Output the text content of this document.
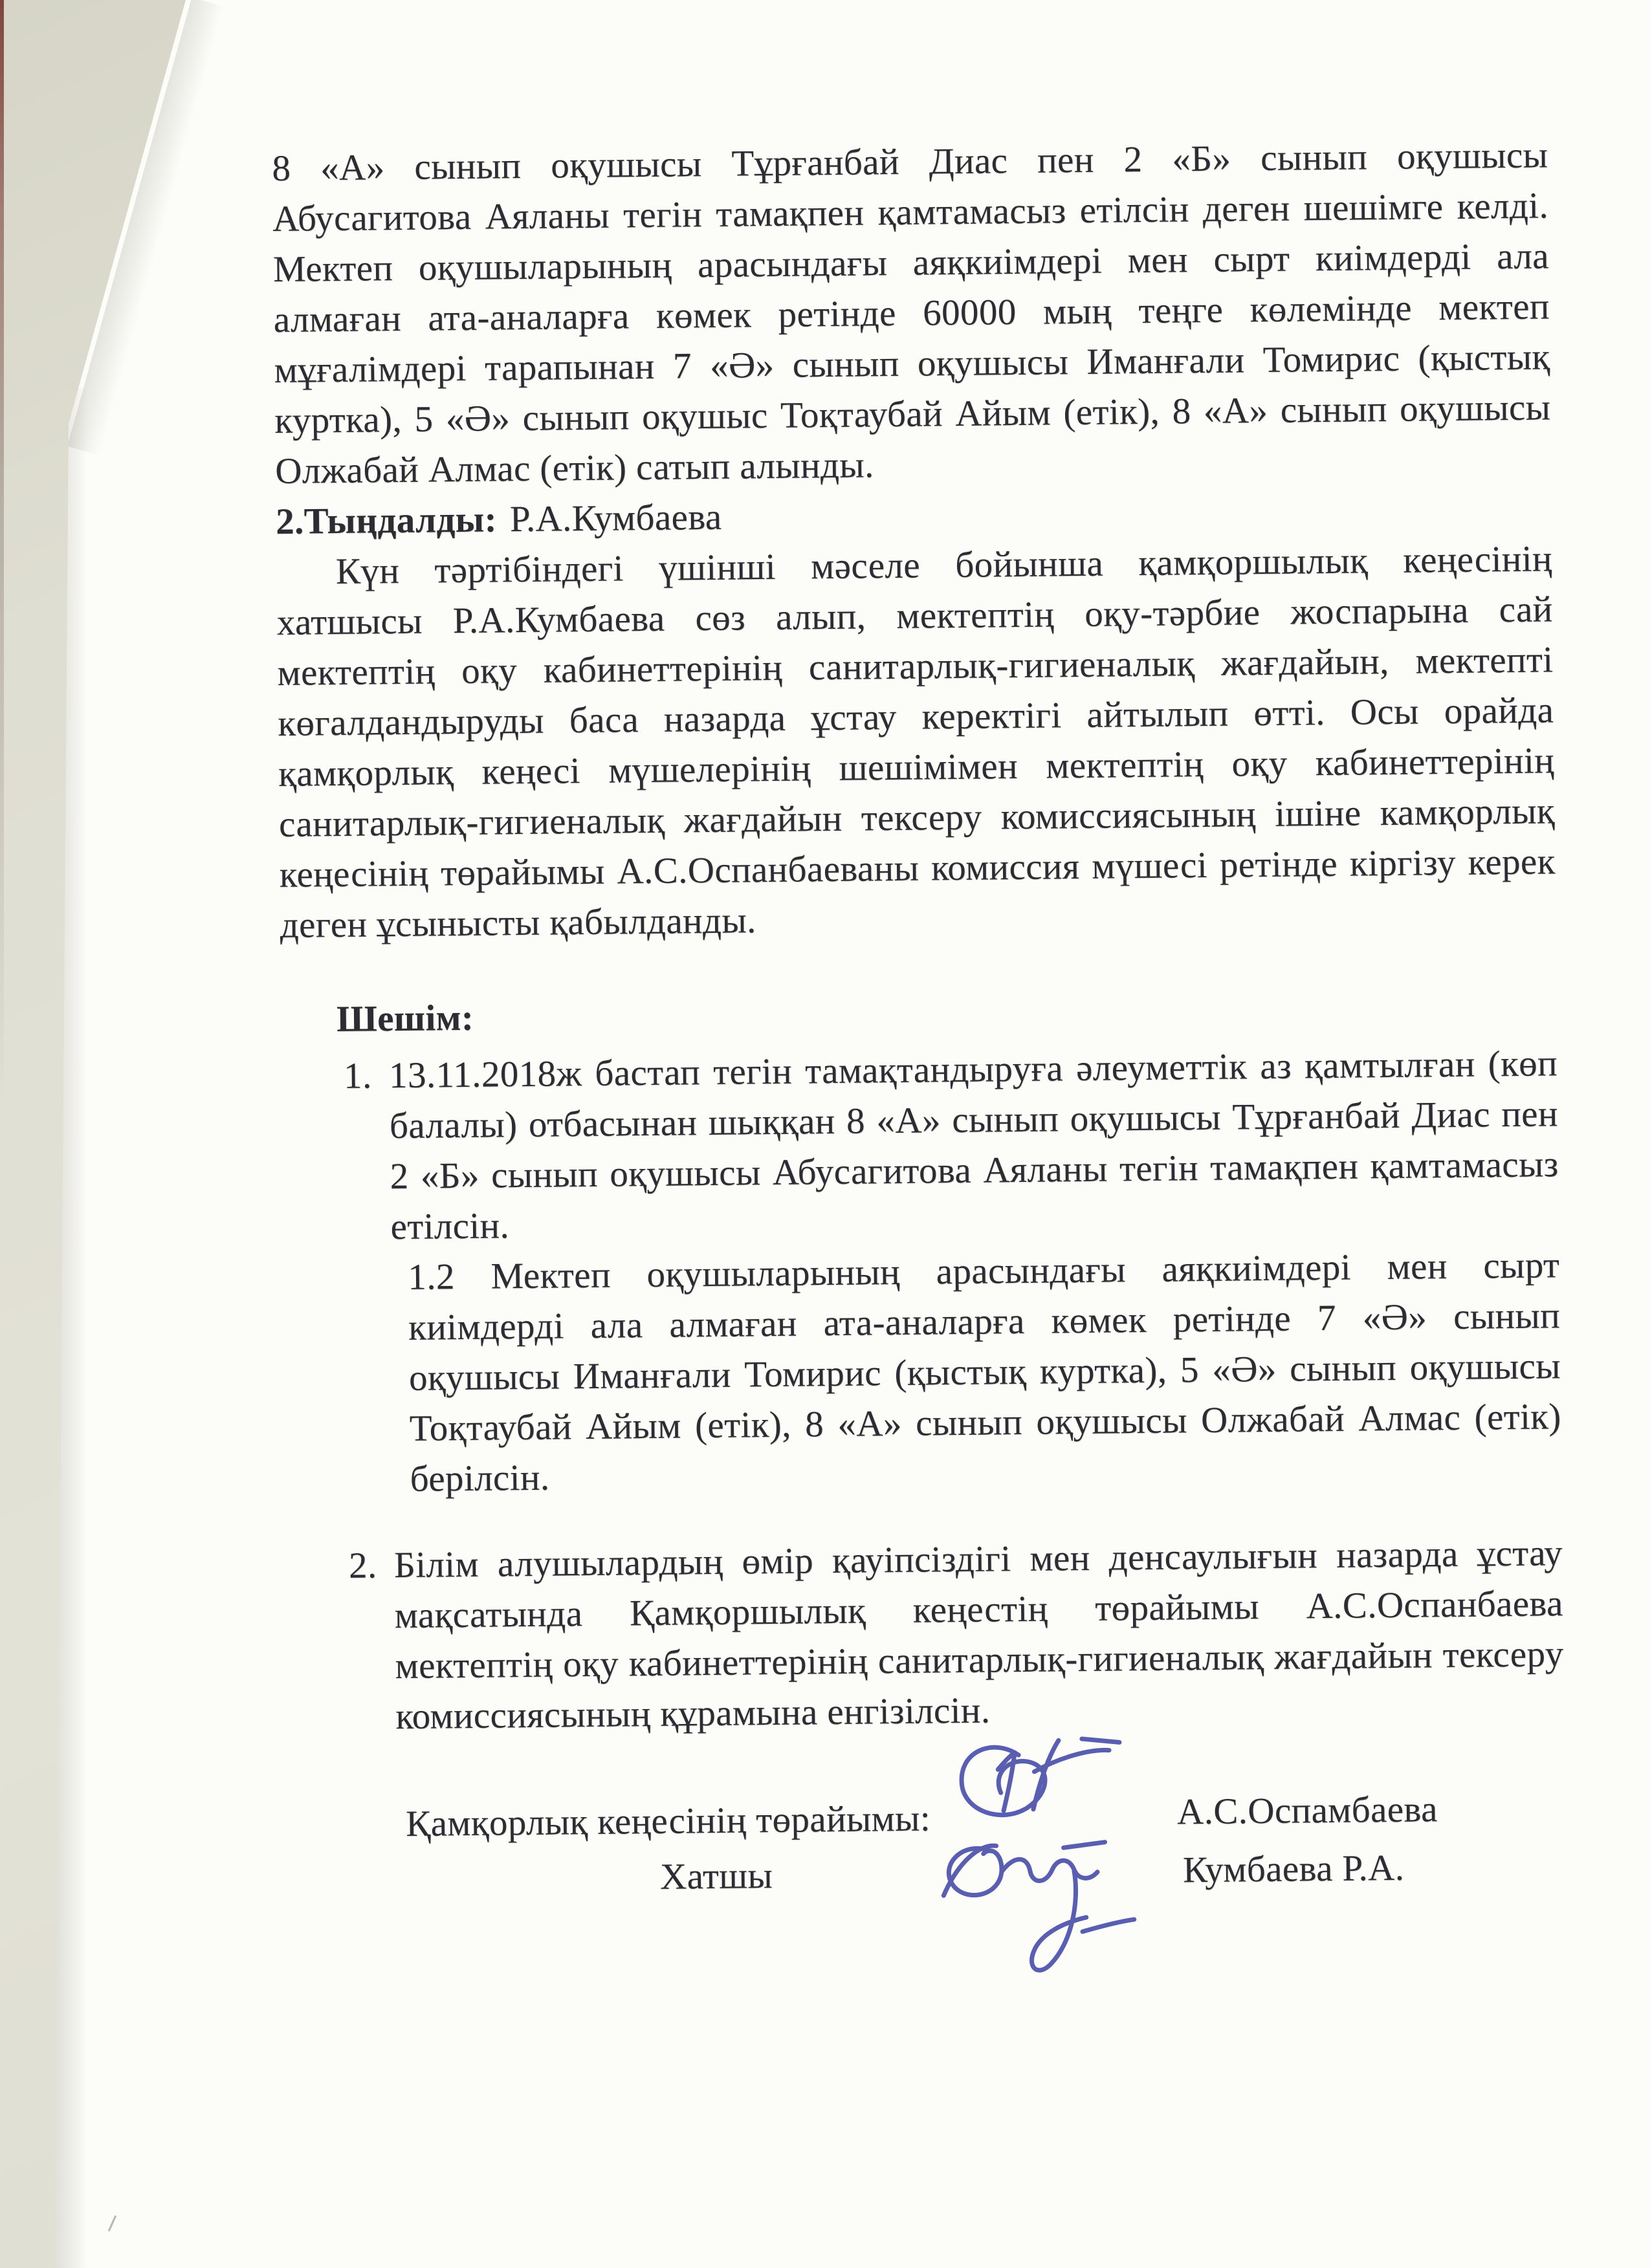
8 «А» сынып оқушысы Тұрғанбай Диас пен 2 «Б» сынып оқушысы Абусагитова Аяланы тегін тамақпен қамтамасыз етілсін деген шешімге келді. Мектеп оқушыларының арасындағы аяқкиімдері мен сырт киімдерді ала алмаған ата-аналарға көмек ретінде 60000 мың теңге көлемінде мектеп мұғалімдері тарапынан 7 «Ә» сынып оқушысы Иманғали Томирис (қыстық куртка), 5 «Ә» сынып оқушыс Тоқтаубай Айым (етік), 8 «А» сынып оқушысы Олжабай Алмас (етік) сатып алынды.

2.Тыңдалды: Р.А.Кумбаева

Күн тәртібіндегі үшінші мәселе бойынша қамқоршылық кеңесінің хатшысы Р.А.Кумбаева сөз алып, мектептің оқу-тәрбие жоспарына сай мектептің оқу кабинеттерінің санитарлық-гигиеналық жағдайын, мектепті көгалдандыруды баса назарда ұстау керектігі айтылып өтті. Осы орайда қамқорлық кеңесі мүшелерінің шешімімен мектептің оқу кабинеттерінің санитарлық-гигиеналық жағдайын тексеру комиссиясының ішіне камқорлық кеңесінің төрайымы А.С.Оспанбаеваны комиссия мүшесі ретінде кіргізу керек деген ұсынысты қабылданды.

Шешім:

1. 13.11.2018ж бастап тегін тамақтандыруға әлеуметтік аз қамтылған (көп балалы) отбасынан шыққан 8 «А» сынып оқушысы Тұрғанбай Диас пен 2 «Б» сынып оқушысы Абусагитова Аяланы тегін тамақпен қамтамасыз етілсін.

1.2 Мектеп оқушыларының арасындағы аяқкиімдері мен сырт киімдерді ала алмаған ата-аналарға көмек ретінде 7 «Ә» сынып оқушысы Иманғали Томирис (қыстық куртка), 5 «Ә» сынып оқушысы Тоқтаубай Айым (етік), 8 «А» сынып оқушысы Олжабай Алмас (етік) берілсін.

2. Білім алушылардың өмір қауіпсіздігі мен денсаулығын назарда ұстау мақсатында Қамқоршылық кеңестің төрайымы А.С.Оспанбаева мектептің оқу кабинеттерінің санитарлық-гигиеналық жағдайын тексеру комиссиясының құрамына енгізілсін.

Қамқорлық кеңесінің төрайымы:	А.С.Оспамбаева
Хатшы	Кумбаева Р.А.
